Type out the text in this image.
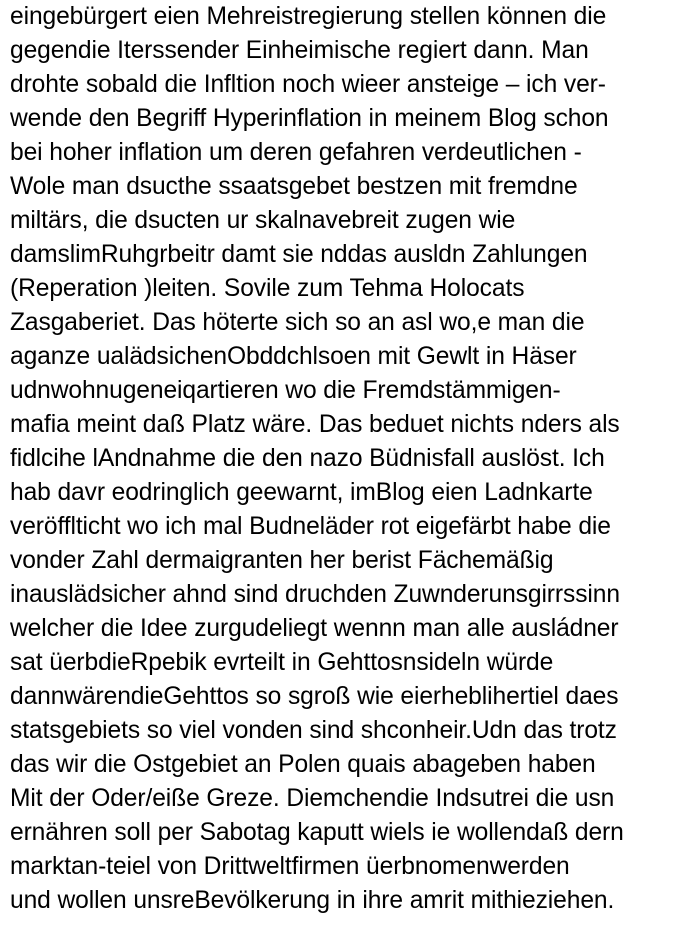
eingebürgert eien Mehreistregierung stellen können die
gegendie Iterssender Einheimische regiert dann. Man
drohte sobald die Infltion noch wieer ansteige – ich ver-
wende den Begriff Hyperinflation in meinem Blog schon
bei hoher inflation um deren gefahren verdeutlichen -
Wole man dsucthe ssaatsgebet bestzen mit fremdne
miltärs, die dsucten ur skalnavebreit zugen wie
damslimRuhgrbeitr damt sie nddas ausldn Zahlungen
(Reperation )leiten. Sovile zum Tehma Holocats
Zasgaberiet. Das höterte sich so an asl wo,e man die
aganze ualädsichenObddchlsoen mit Gewlt in Häser
udnwohnugeneiqartieren wo die Fremdstämmigen-
mafia meint daß Platz wäre. Das beduet nichts nders als
fidlcihe lAndnahme die den nazo Büdnisfall auslöst. Ich
hab davr eodringlich geewarnt, imBlog eien Ladnkarte
veröfflticht wo ich mal Budneläder rot eigefärbt habe die
vonder Zahl dermaigranten her berist Fächemäßig
inauslädsicher ahnd sind druchden Zuwnderunsgirrssinn
welcher die Idee zurgudeliegt wennn man alle ausládner
sat üerbdieRpebik evrteilt in Gehttosnsideln würde
dannwärendieGehttos so sgroß wie eierheblihertiel daes
statsgebiets so viel vonden sind shconheir.Udn das trotz
das wir die Ostgebiet an Polen quais abageben haben
Mit der Oder/eiße Greze. Diemchendie Indsutrei die usn
ernähren soll per Sabotag kaputt wiels ie wollendaß dern
marktan-teiel von Drittweltfirmen üerbnomenwerden
und wollen unsreBevölkerung in ihre amrit mithieziehen.
